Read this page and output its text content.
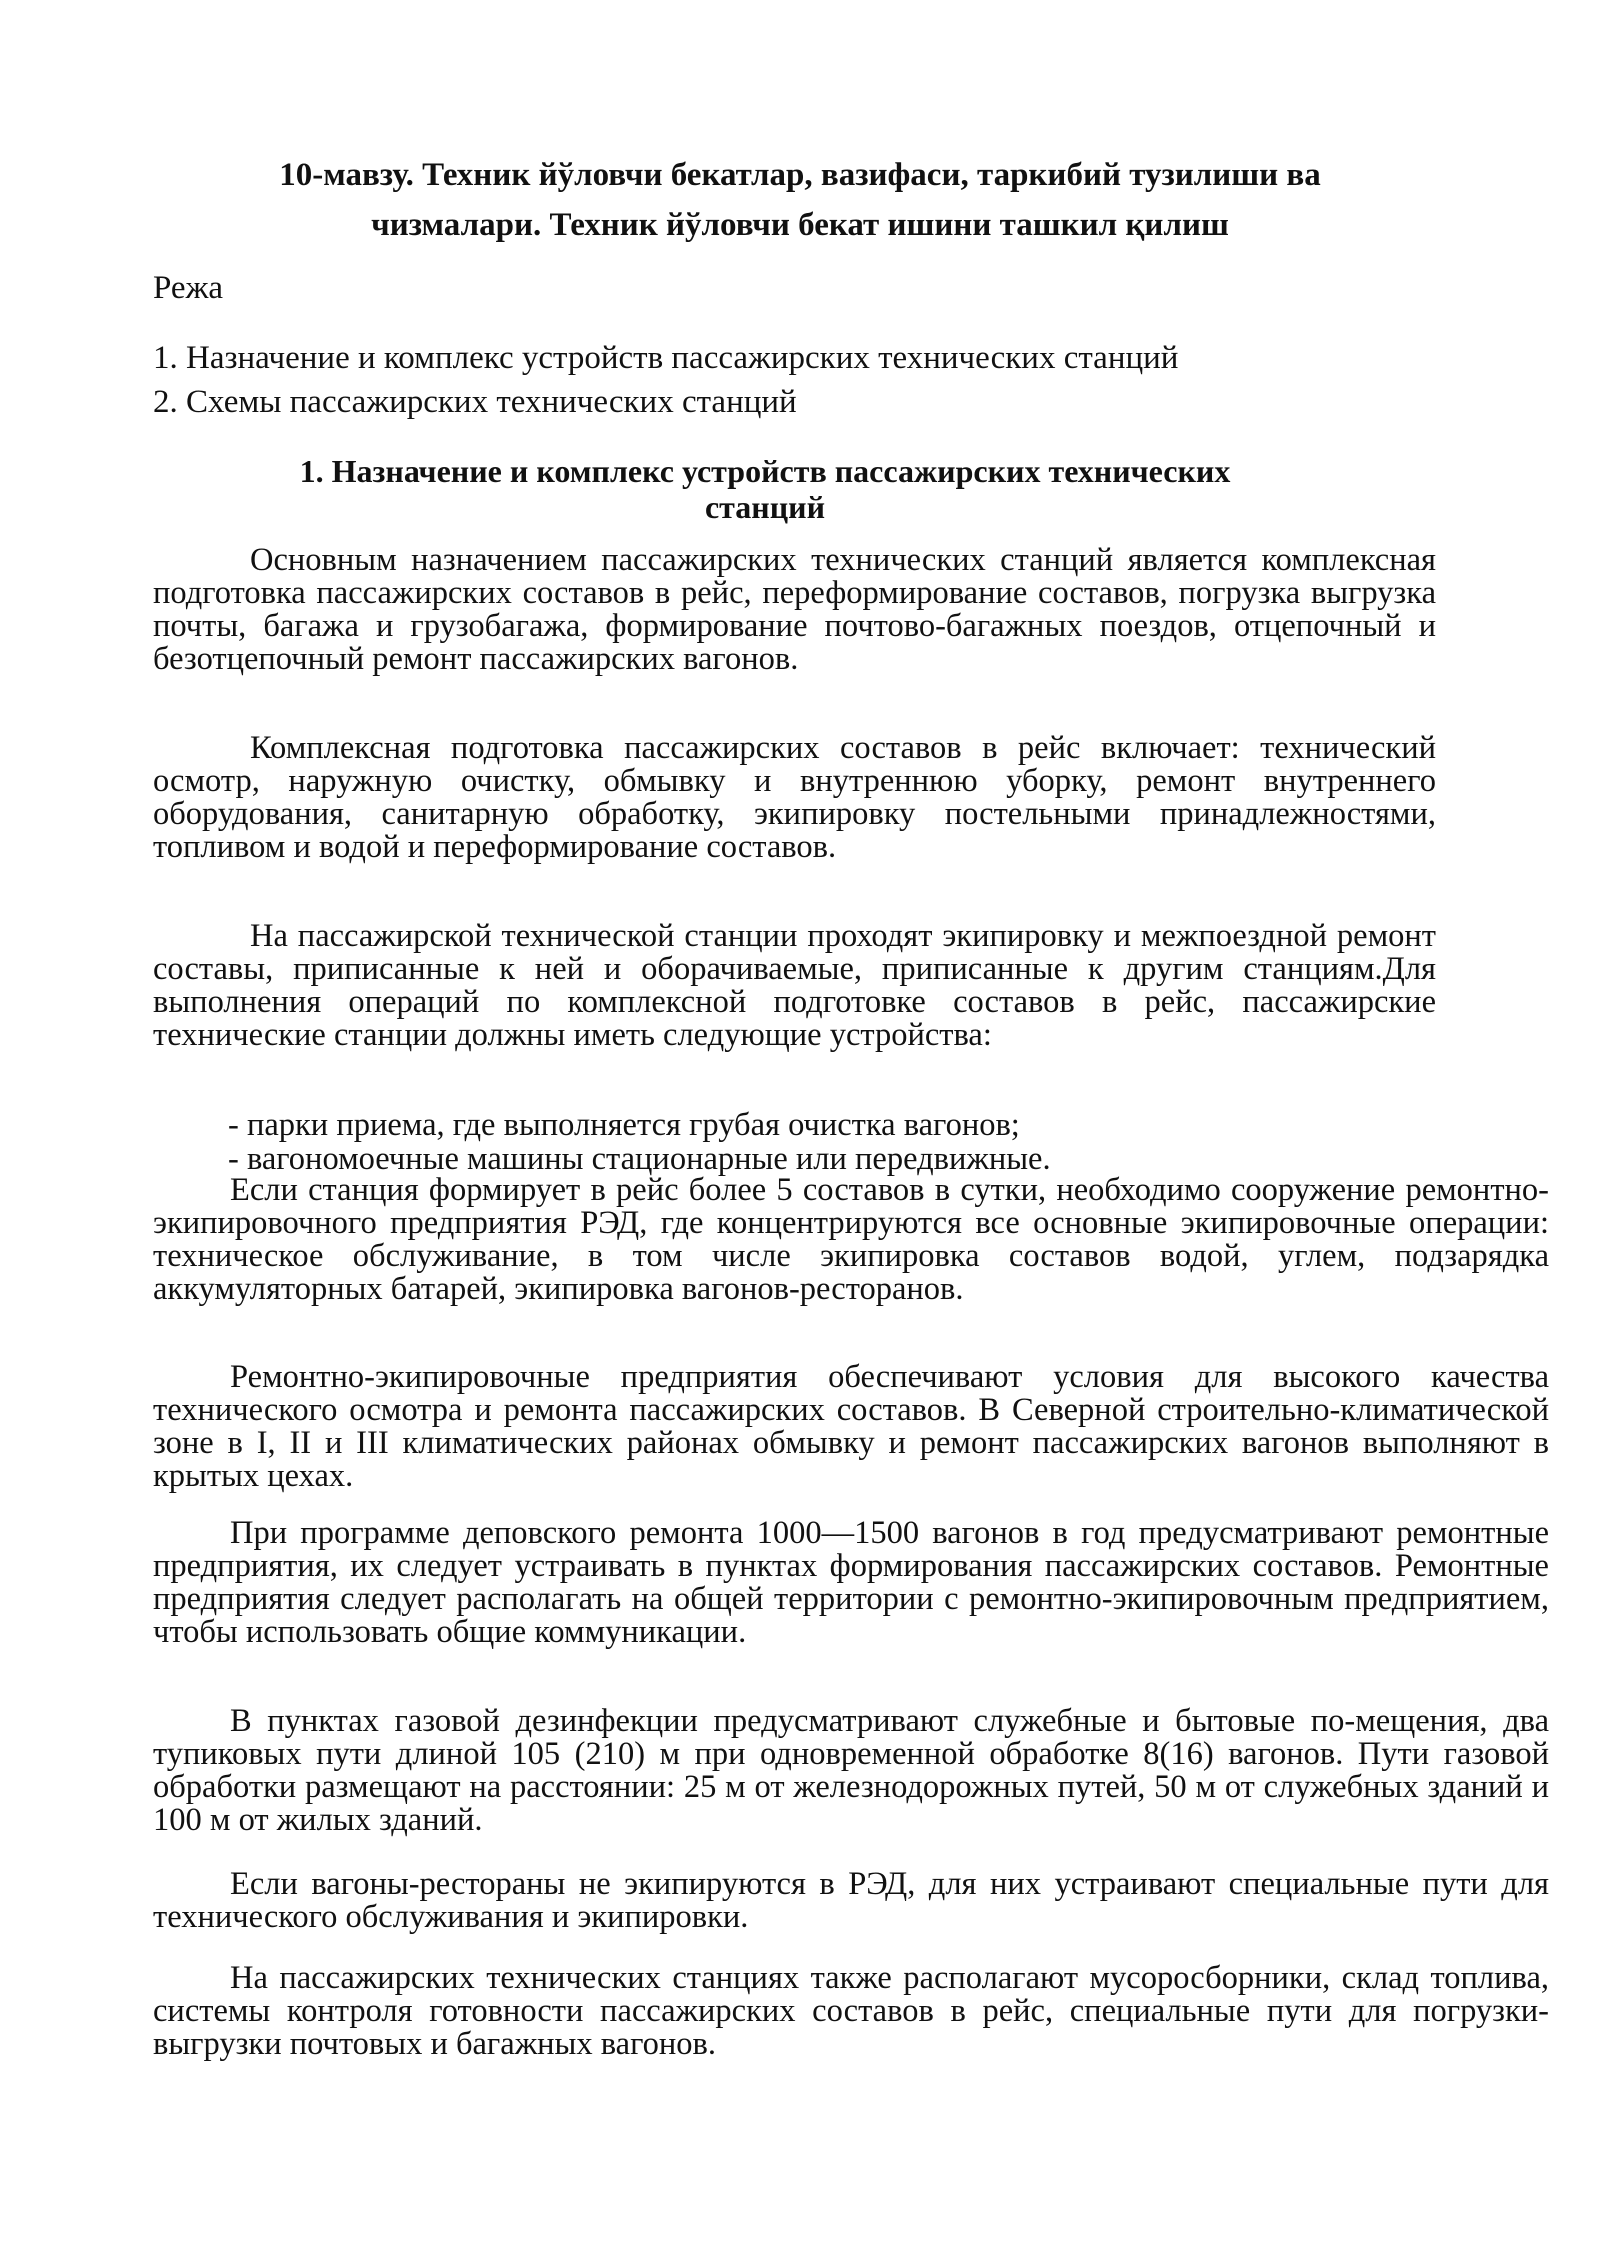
10-мавзу. Техник йўловчи бекатлар, вазифаси, таркибий тузилиши ва
чизмалари. Техник йўловчи бекат ишини ташкил қилиш
Режа
1. Назначение и комплекс устройств пассажирских технических станций
2. Схемы пассажирских технических станций
1. Назначение и комплекс устройств пассажирских технических
станций
Основным назначением пассажирских технических станций является комплексная подготовка пассажирских составов в рейс, переформирование составов, погрузка выгрузка почты, багажа и грузобагажа, формирование почтово-багажных поездов, отцепочный и безотцепочный ремонт пассажирских вагонов.
Комплексная подготовка пассажирских составов в рейс включает: технический осмотр, наружную очистку, обмывку и внутреннюю уборку, ремонт внутреннего оборудования, санитарную обработку, экипировку постельными принадлежностями, топливом и водой и переформирование составов.
На пассажирской технической станции проходят экипировку и межпоездной ремонт составы, приписанные к ней и оборачиваемые, приписанные к другим станциям.Для выполнения операций по комплексной подготовке составов в рейс, пассажирские технические станции должны иметь следующие устройства:
- парки приема, где выполняется грубая очистка вагонов;
- вагономоечные машины стационарные или передвижные.
Если станция формирует в рейс более 5 составов в сутки, необходимо сооружение ремонтно-экипировочного предприятия РЭД, где концентрируются все основные экипировочные операции: техническое обслуживание, в том числе экипировка составов водой, углем, подзарядка аккумуляторных батарей, экипировка вагонов-ресторанов.
Ремонтно-экипировочные предприятия обеспечивают условия для высокого качества технического осмотра и ремонта пассажирских составов. В Северной строительно-климатической зоне в I, II и III климатических районах обмывку и ремонт пассажирских вагонов выполняют в крытых цехах.
При программе деповского ремонта 1000—1500 вагонов в год предусматривают ремонтные предприятия, их следует устраивать в пунктах формирования пассажирских составов. Ремонтные предприятия следует располагать на общей территории с ремонтно-экипировочным предприятием, чтобы использовать общие коммуникации.
В пунктах газовой дезинфекции предусматривают служебные и бытовые по-мещения, два тупиковых пути длиной 105 (210) м при одновременной обработке 8(16) вагонов. Пути газовой обработки размещают на расстоянии: 25 м от железнодорожных путей, 50 м от служебных зданий и 100 м от жилых зданий.
Если вагоны-рестораны не экипируются в РЭД, для них устраивают специальные пути для технического обслуживания и экипировки.
На пассажирских технических станциях также располагают мусоросборники, склад топлива, системы контроля готовности пассажирских составов в рейс, специальные пути для погрузки-выгрузки почтовых и багажных вагонов.
